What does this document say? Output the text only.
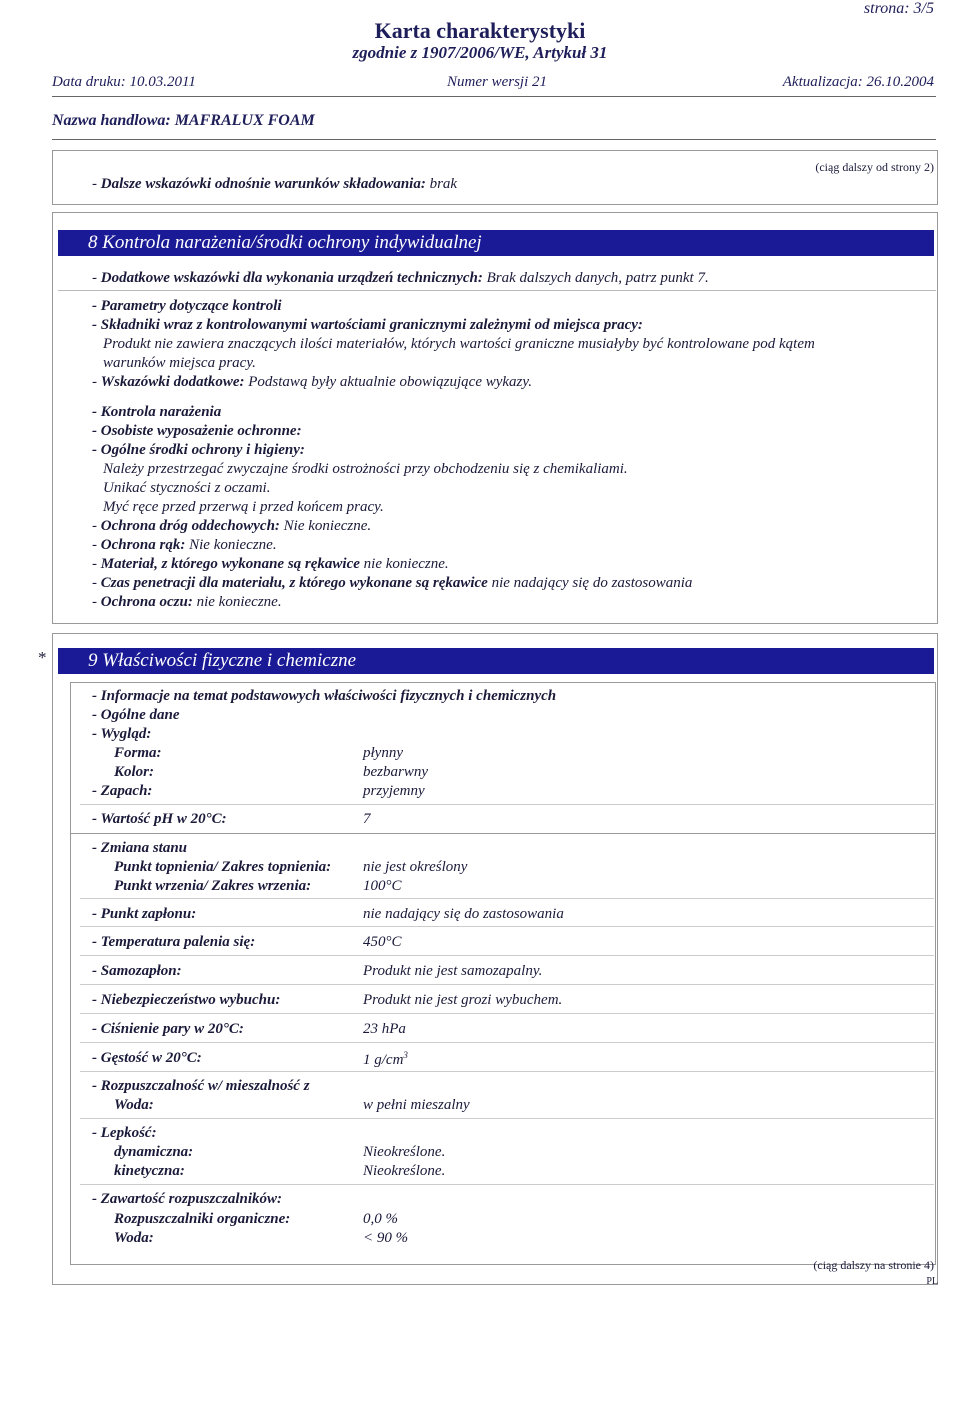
strona: 3/5
Karta charakterystyki
zgodnie z 1907/2006/WE, Artykuł 31
Data druku: 10.03.2011	Numer wersji 21	Aktualizacja: 26.10.2004
Nazwa handlowa: MAFRALUX FOAM
(ciąg dalszy od strony 2)
- Dalsze wskazówki odnośnie warunków składowania: brak
8 Kontrola narażenia/środki ochrony indywidualnej
- Dodatkowe wskazówki dla wykonania urządzeń technicznych: Brak dalszych danych, patrz punkt 7.
- Parametry dotyczące kontroli
- Składniki wraz z kontrolowanymi wartościami granicznymi zależnymi od miejsca pracy:
Produkt nie zawiera znaczących ilości materiałów, których wartości graniczne musiałyby być kontrolowane pod kątem
warunków miejsca pracy.
- Wskazówki dodatkowe: Podstawą były aktualnie obowiązujące wykazy.
- Kontrola narażenia
- Osobiste wyposażenie ochronne:
- Ogólne środki ochrony i higieny:
Należy przestrzegać zwyczajne środki ostrożności przy obchodzeniu się z chemikaliami.
Unikać styczności z oczami.
Myć ręce przed przerwą i przed końcem pracy.
- Ochrona dróg oddechowych: Nie konieczne.
- Ochrona rąk: Nie konieczne.
- Materiał, z którego wykonane są rękawice nie konieczne.
- Czas penetracji dla materiału, z którego wykonane są rękawice nie nadający się do zastosowania
- Ochrona oczu: nie konieczne.
*	9 Właściwości fizyczne i chemiczne
- Informacje na temat podstawowych właściwości fizycznych i chemicznych
- Ogólne dane
- Wygląd:
Forma:	płynny
Kolor:	bezbarwny
- Zapach:	przyjemny
- Wartość pH w 20°C:	7
- Zmiana stanu
Punkt topnienia/ Zakres topnienia: nie jest określony
Punkt wrzenia/ Zakres wrzenia:	100°C
- Punkt zapłonu:	nie nadający się do zastosowania
- Temperatura palenia się:	450°C
- Samozapłon:	Produkt nie jest samozapalny.
- Niebezpieczeństwo wybuchu:	Produkt nie jest grozi wybuchem.
- Ciśnienie pary w 20°C:	23 hPa
- Gęstość w 20°C:	1 $g/cm^3$
- Rozpuszczalność w/ mieszalność z
Woda:	w pełni mieszalny
- Lepkość:
dynamiczna:	Nieokreślone.
kinetyczna:	Nieokreślone.
- Zawartość rozpuszczalników:
Rozpuszczalniki organiczne:	0,0 %
Woda:	< 90 %
(ciąg dalszy na stronie 4)
PL
